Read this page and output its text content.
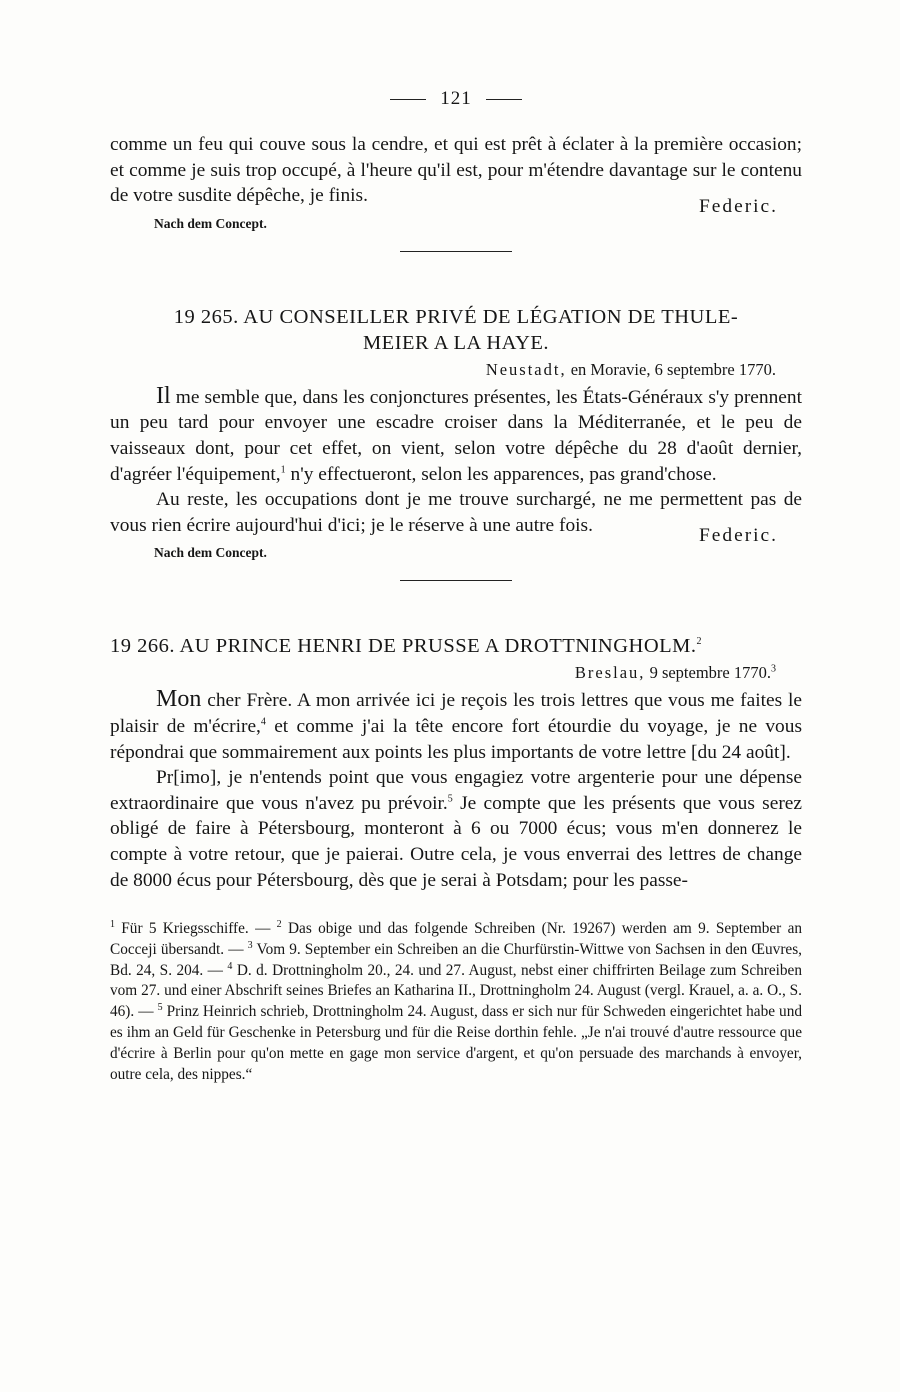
121

comme un feu qui couve sous la cendre, et qui est prêt à éclater à la première occasion; et comme je suis trop occupé, à l'heure qu'il est, pour m'étendre davantage sur le contenu de votre susdite dépêche, je finis.

Federic.
Nach dem Concept.
19 265. AU CONSEILLER PRIVÉ DE LÉGATION DE THULE-
MEIER A LA HAYE.
Neustadt, en Moravie, 6 septembre 1770.

Il me semble que, dans les conjonctures présentes, les États-Généraux s'y prennent un peu tard pour envoyer une escadre croiser dans la Méditerranée, et le peu de vaisseaux dont, pour cet effet, on vient, selon votre dépêche du 28 d'août dernier, d'agréer l'équipement,$^1$ n'y effectueront, selon les apparences, pas grand'chose.

Au reste, les occupations dont je me trouve surchargé, ne me permettent pas de vous rien écrire aujourd'hui d'ici; je le réserve à une autre fois.

Federic.
Nach dem Concept.
19 266. AU PRINCE HENRI DE PRUSSE A DROTTNINGHOLM.$^2$
Breslau, 9 septembre 1770.$^3$

Mon cher Frère. A mon arrivée ici je reçois les trois lettres que vous me faites le plaisir de m'écrire,$^4$ et comme j'ai la tête encore fort étourdie du voyage, je ne vous répondrai que sommairement aux points les plus importants de votre lettre [du 24 août].

Pr[imo], je n'entends point que vous engagiez votre argenterie pour une dépense extraordinaire que vous n'avez pu prévoir.$^5$ Je compte que les présents que vous serez obligé de faire à Pétersbourg, monteront à 6 ou 7000 écus; vous m'en donnerez le compte à votre retour, que je paierai. Outre cela, je vous enverrai des lettres de change de 8000 écus pour Pétersbourg, dès que je serai à Potsdam; pour les passe-

$^1$ Für 5 Kriegsschiffe. — $^2$ Das obige und das folgende Schreiben (Nr. 19267) werden am 9. September an Cocceji übersandt. — $^3$ Vom 9. September ein Schreiben an die Churfürstin-Wittwe von Sachsen in den Œuvres, Bd. 24, S. 204. — $^4$ D. d. Drottningholm 20., 24. und 27. August, nebst einer chiffrirten Beilage zum Schreiben vom 27. und einer Abschrift seines Briefes an Katharina II., Drottningholm 24. August (vergl. Krauel, a. a. O., S. 46). — $^5$ Prinz Heinrich schrieb, Drottningholm 24. August, dass er sich nur für Schweden eingerichtet habe und es ihm an Geld für Geschenke in Petersburg und für die Reise dorthin fehle. „Je n'ai trouvé d'autre ressource que d'écrire à Berlin pour qu'on mette en gage mon service d'argent, et qu'on persuade des marchands à envoyer, outre cela, des nippes.“
